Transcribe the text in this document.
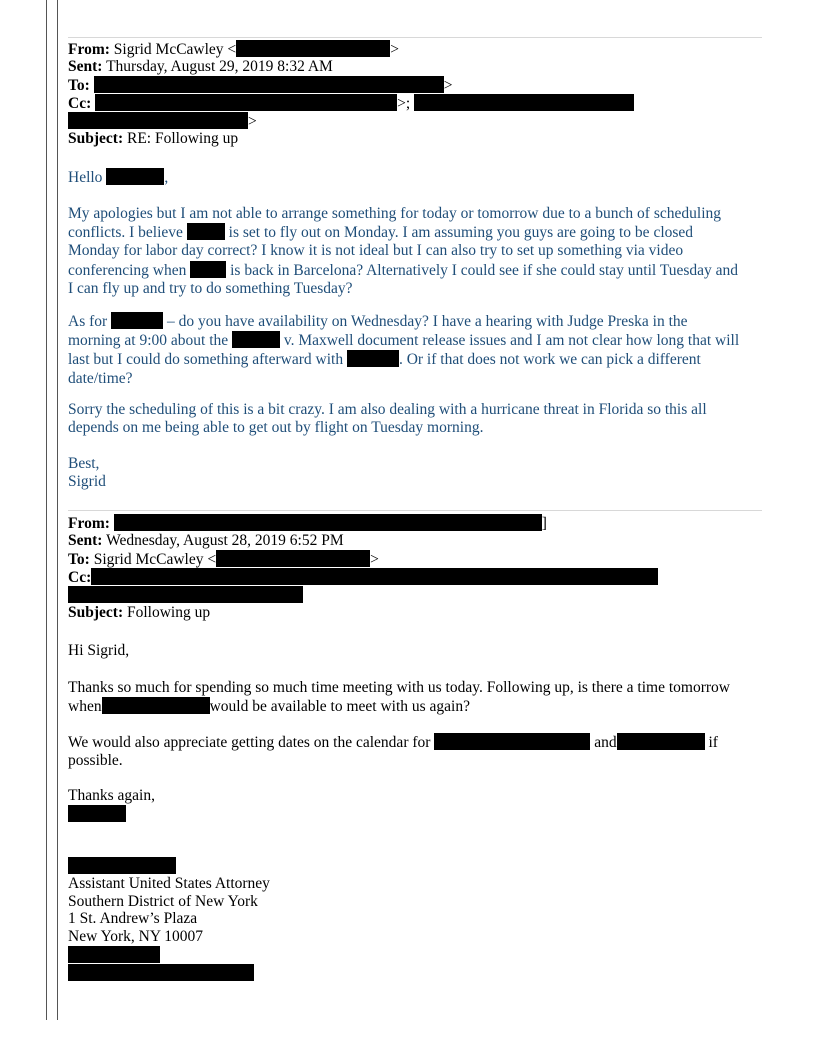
From: Sigrid McCawley <	>
Sent: Thursday, August 29, 2019 8:32 AM
To:	>
Cc:	>;
>
Subject: RE: Following up
Hello	,
My apologies but I am not able to arrange something for today or tomorrow due to a bunch of scheduling
conflicts. I believe	is set to fly out on Monday. I am assuming you guys are going to be closed
Monday for labor day correct? I know it is not ideal but I can also try to set up something via video
conferencing when	is back in Barcelona? Alternatively I could see if she could stay until Tuesday and
I can fly up and try to do something Tuesday?
As for	– do you have availability on Wednesday? I have a hearing with Judge Preska in the
morning at 9:00 about the	v. Maxwell document release issues and I am not clear how long that will
last but I could do something afterward with	. Or if that does not work we can pick a different
date/time?
Sorry the scheduling of this is a bit crazy. I am also dealing with a hurricane threat in Florida so this all
depends on me being able to get out by flight on Tuesday morning.
Best,
Sigrid
From:	]
Sent: Wednesday, August 28, 2019 6:52 PM
To: Sigrid McCawley <	>
Cc:
Subject: Following up
Hi Sigrid,
Thanks so much for spending so much time meeting with us today. Following up, is there a time tomorrow
when	would be available to meet with us again?
We would also appreciate getting dates on the calendar for	and	if
possible.
Thanks again,
Assistant United States Attorney
Southern District of New York
1 St. Andrew’s Plaza
New York, NY 10007
